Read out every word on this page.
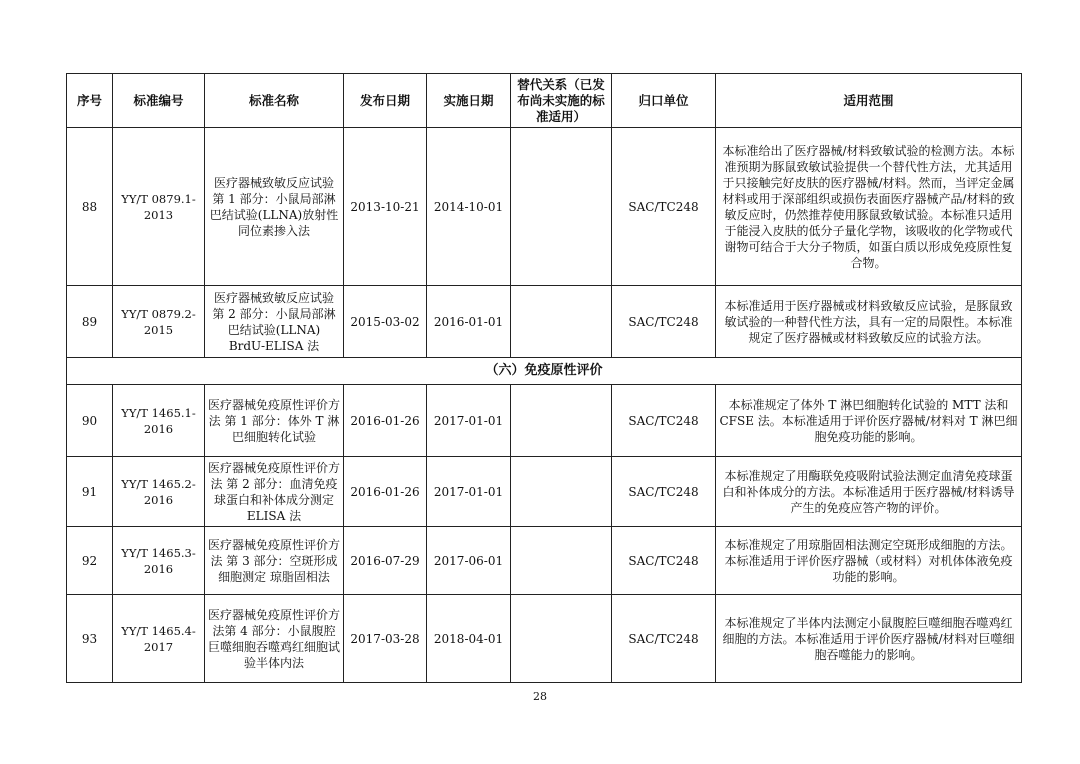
序号	标准编号	标准名称	发布日期	实施日期	替代关系（已发布尚未实施的标准适用）	归口单位	适用范围
88	YY/T 0879.1-2013	医疗器械致敏反应试验 第 1 部分：小鼠局部淋巴结试验(LLNA)放射性同位素掺入法	2013-10-21	2014-10-01		SAC/TC248	本标准给出了医疗器械/材料致敏试验的检测方法。本标准预期为豚鼠致敏试验提供一个替代性方法，尤其适用于只接触完好皮肤的医疗器械/材料。然而，当评定金属材料或用于深部组织或损伤表面医疗器械产品/材料的致敏反应时，仍然推荐使用豚鼠致敏试验。本标准只适用于能浸入皮肤的低分子量化学物，该吸收的化学物或代谢物可结合于大分子物质，如蛋白质以形成免疫原性复合物。
89	YY/T 0879.2-2015	医疗器械致敏反应试验 第 2 部分：小鼠局部淋巴结试验(LLNA) BrdU-ELISA 法	2015-03-02	2016-01-01		SAC/TC248	本标准适用于医疗器械或材料致敏反应试验，是豚鼠致敏试验的一种替代性方法，具有一定的局限性。本标准规定了医疗器械或材料致敏反应的试验方法。
（六）免疫原性评价							
90	YY/T 1465.1-2016	医疗器械免疫原性评价方法 第 1 部分：体外 T 淋巴细胞转化试验	2016-01-26	2017-01-01		SAC/TC248	本标准规定了体外 T 淋巴细胞转化试验的 MTT 法和 CFSE 法。本标准适用于评价医疗器械/材料对 T 淋巴细胞免疫功能的影响。
91	YY/T 1465.2-2016	医疗器械免疫原性评价方法 第 2 部分：血清免疫球蛋白和补体成分测定 ELISA 法	2016-01-26	2017-01-01		SAC/TC248	本标准规定了用酶联免疫吸附试验法测定血清免疫球蛋白和补体成分的方法。本标准适用于医疗器械/材料诱导产生的免疫应答产物的评价。
92	YY/T 1465.3-2016	医疗器械免疫原性评价方法 第 3 部分：空斑形成细胞测定 琼脂固相法	2016-07-29	2017-06-01		SAC/TC248	本标准规定了用琼脂固相法测定空斑形成细胞的方法。本标准适用于评价医疗器械（或材料）对机体体液免疫功能的影响。
93	YY/T 1465.4-2017	医疗器械免疫原性评价方法第 4 部分：小鼠腹腔巨噬细胞吞噬鸡红细胞试验半体内法	2017-03-28	2018-04-01		SAC/TC248	本标准规定了半体内法测定小鼠腹腔巨噬细胞吞噬鸡红细胞的方法。本标准适用于评价医疗器械/材料对巨噬细胞吞噬能力的影响。
28
